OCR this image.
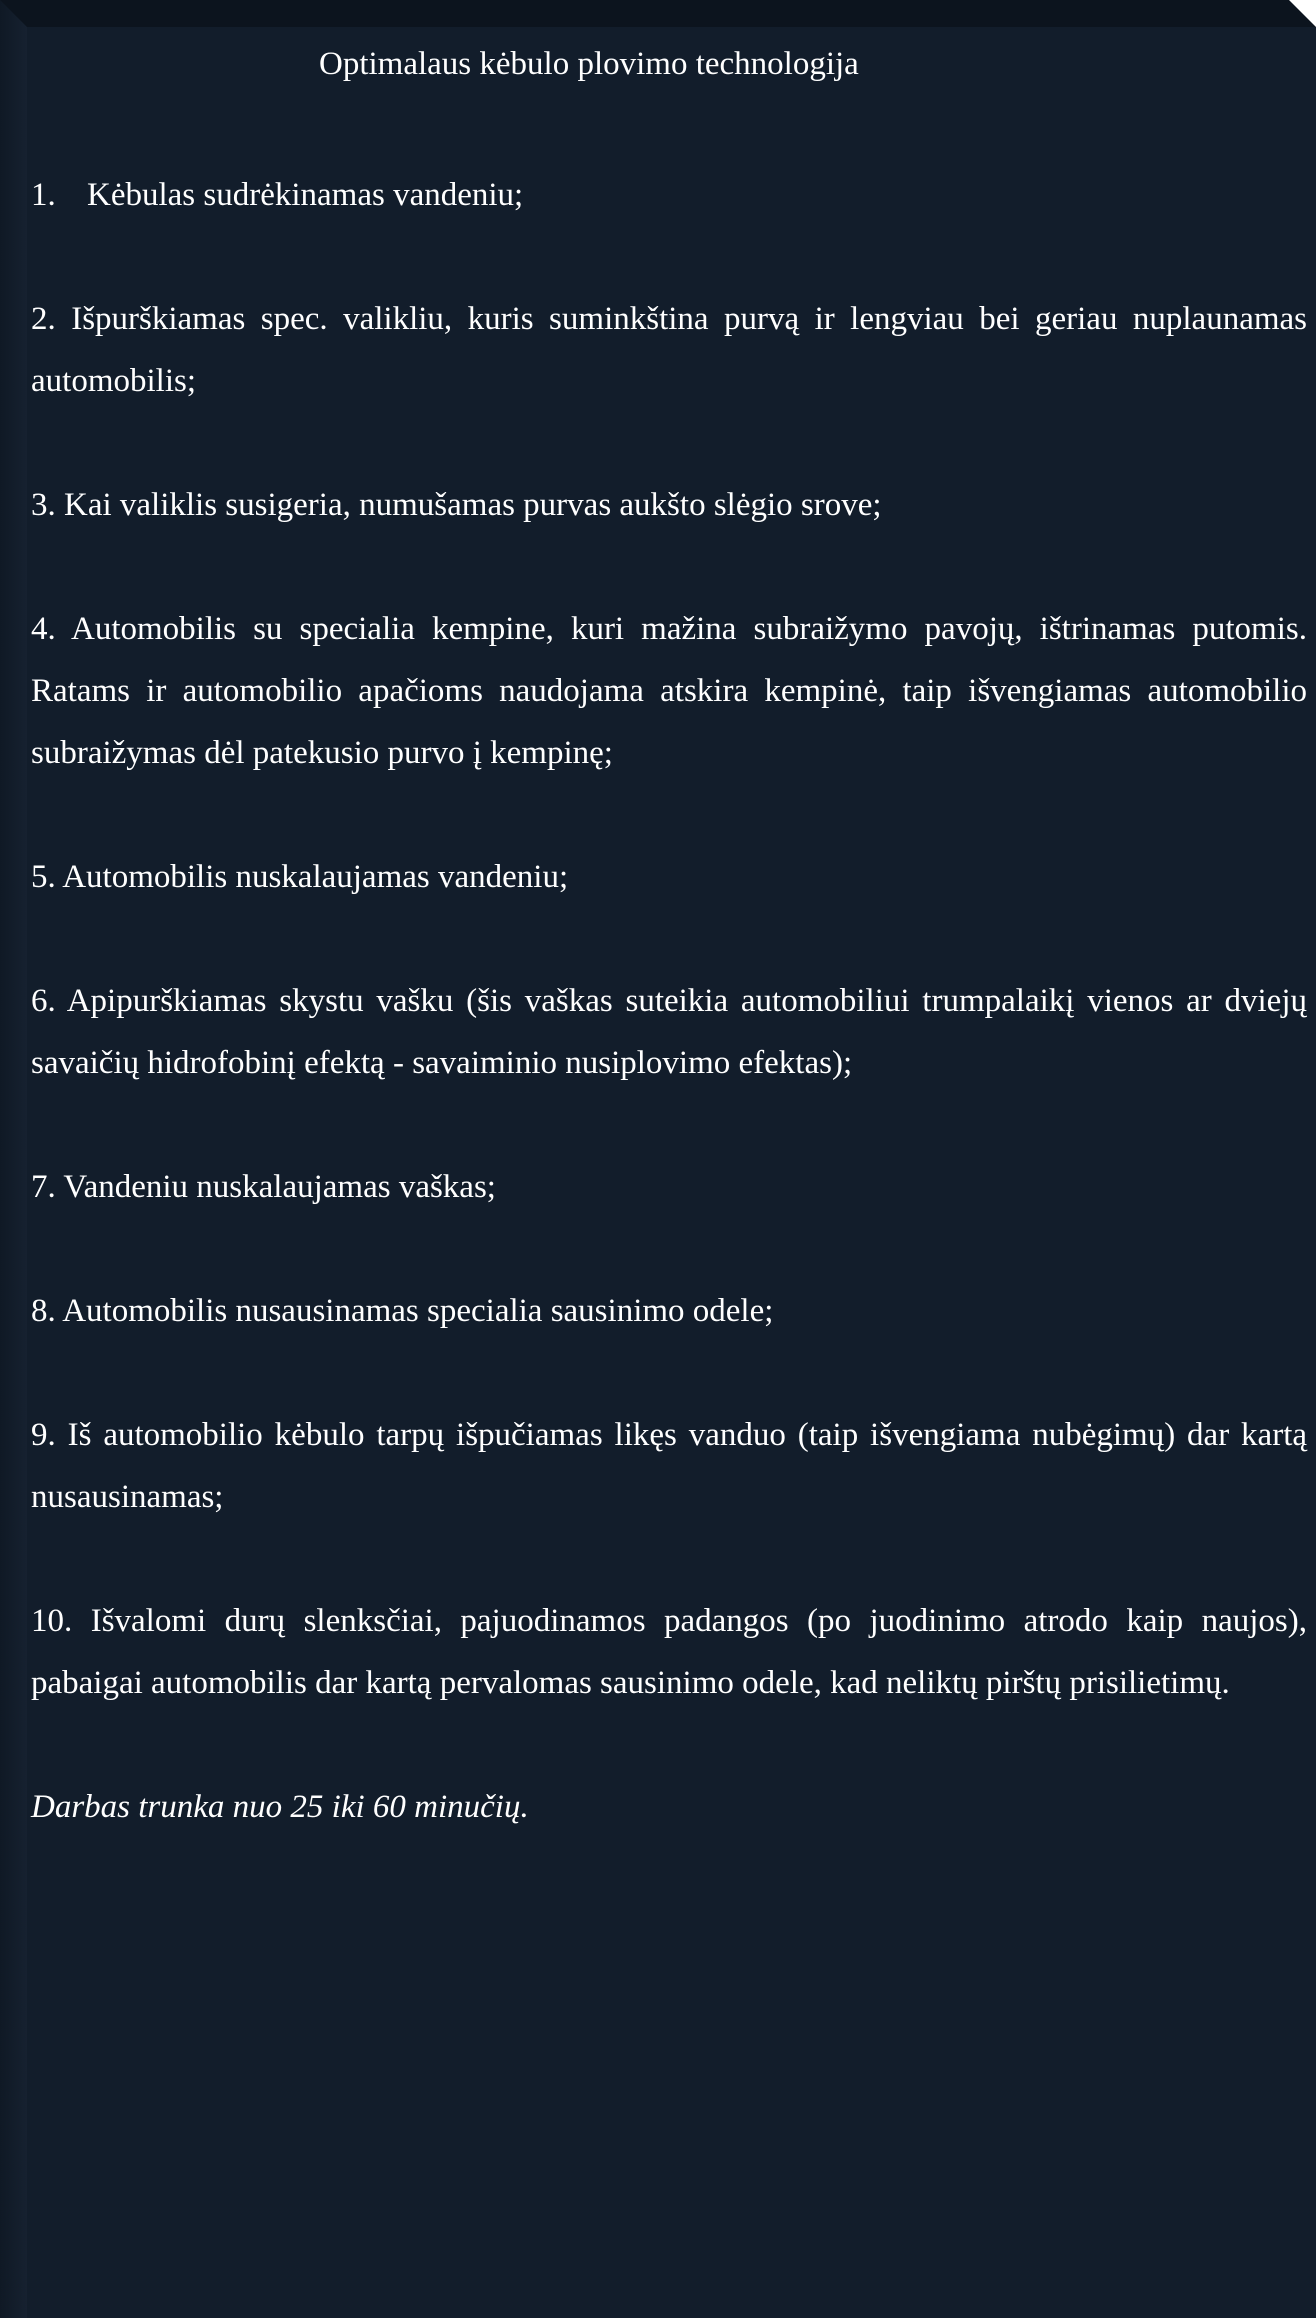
Optimalaus kėbulo plovimo technologija

1. Kėbulas sudrėkinamas vandeniu;

2. Išpurškiamas spec. valikliu, kuris suminkština purvą ir lengviau bei geriau nuplaunamas automobilis;

3. Kai valiklis susigeria, numušamas purvas aukšto slėgio srove;

4. Automobilis su specialia kempine, kuri mažina subraižymo pavojų, ištrinamas putomis. Ratams ir automobilio apačioms naudojama atskira kempinė, taip išvengiamas automobilio subraižymas dėl patekusio purvo į kempinę;

5. Automobilis nuskalaujamas vandeniu;

6. Apipurškiamas skystu vašku (šis vaškas suteikia automobiliui trumpalaikį vienos ar dviejų savaičių hidrofobinį efektą - savaiminio nusiplovimo efektas);

7. Vandeniu nuskalaujamas vaškas;

8. Automobilis nusausinamas specialia sausinimo odele;

9. Iš automobilio kėbulo tarpų išpučiamas likęs vanduo (taip išvengiama nubėgimų) dar kartą nusausinamas;

10. Išvalomi durų slenksčiai, pajuodinamos padangos (po juodinimo atrodo kaip naujos), pabaigai automobilis dar kartą pervalomas sausinimo odele, kad neliktų pirštų prisilietimų.

Darbas trunka nuo 25 iki 60 minučių.
